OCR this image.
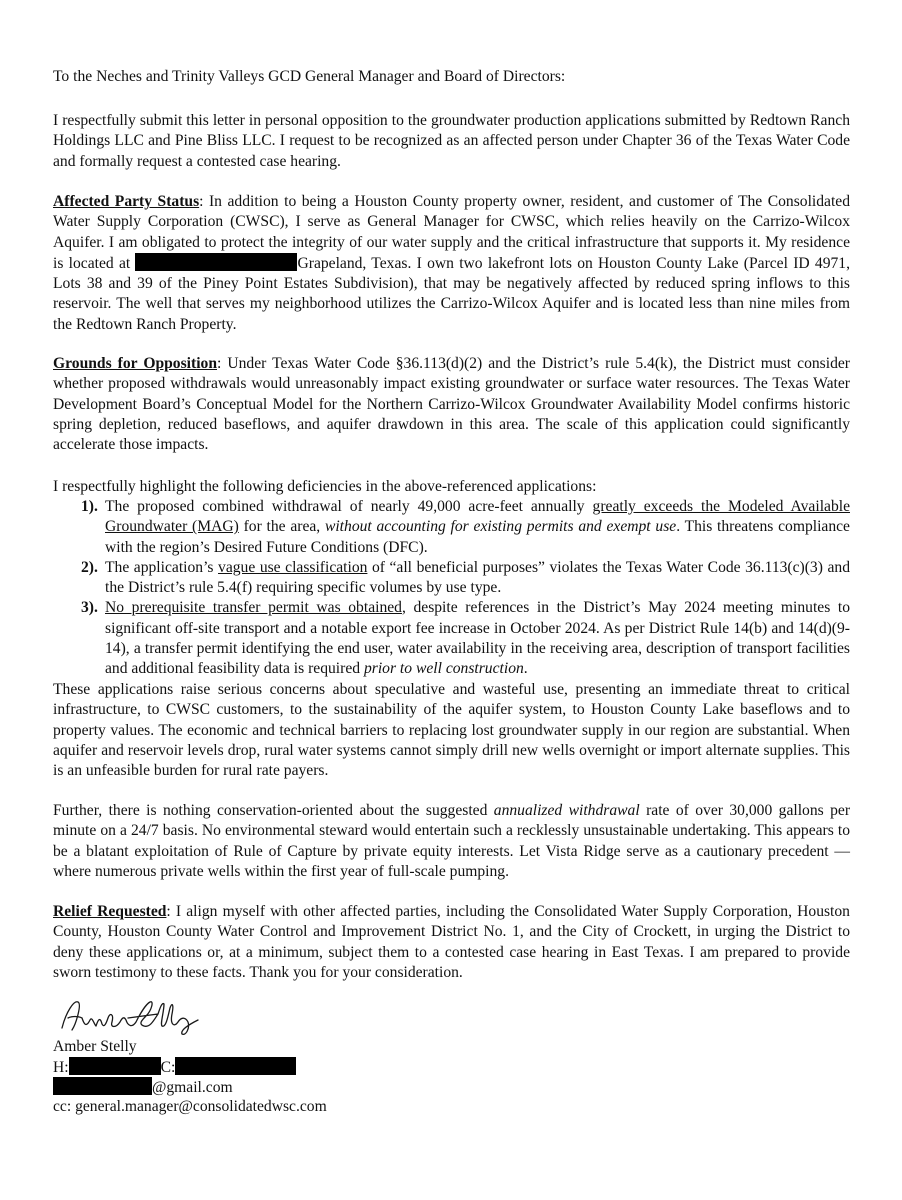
To the Neches and Trinity Valleys GCD General Manager and Board of Directors:

I respectfully submit this letter in personal opposition to the groundwater production applications submitted by Redtown Ranch Holdings LLC and Pine Bliss LLC. I request to be recognized as an affected person under Chapter 36 of the Texas Water Code and formally request a contested case hearing.

Affected Party Status: In addition to being a Houston County property owner, resident, and customer of The Consolidated Water Supply Corporation (CWSC), I serve as General Manager for CWSC, which relies heavily on the Carrizo-Wilcox Aquifer. I am obligated to protect the integrity of our water supply and the critical infrastructure that supports it. My residence is located at	Grapeland, Texas. I own two lakefront lots on Houston County Lake (Parcel ID 4971, Lots 38 and 39 of the Piney Point Estates Subdivision), that may be negatively affected by reduced spring inflows to this reservoir. The well that serves my neighborhood utilizes the Carrizo-Wilcox Aquifer and is located less than nine miles from the Redtown Ranch Property.

Grounds for Opposition: Under Texas Water Code §36.113(d)(2) and the District’s rule 5.4(k), the District must consider whether proposed withdrawals would unreasonably impact existing groundwater or surface water resources. The Texas Water Development Board’s Conceptual Model for the Northern Carrizo-Wilcox Groundwater Availability Model confirms historic spring depletion, reduced baseflows, and aquifer drawdown in this area. The scale of this application could significantly accelerate those impacts.

I respectfully highlight the following deficiencies in the above-referenced applications:

1). The proposed combined withdrawal of nearly 49,000 acre-feet annually greatly exceeds the Modeled Available Groundwater (MAG) for the area, without accounting for existing permits and exempt use. This threatens compliance with the region’s Desired Future Conditions (DFC).
2). The application’s vague use classification of “all beneficial purposes” violates the Texas Water Code 36.113(c)(3) and the District’s rule 5.4(f) requiring specific volumes by use type.
3). No prerequisite transfer permit was obtained, despite references in the District’s May 2024 meeting minutes to significant off-site transport and a notable export fee increase in October 2024. As per District Rule 14(b) and 14(d)(9-14), a transfer permit identifying the end user, water availability in the receiving area, description of transport facilities and additional feasibility data is required prior to well construction.

These applications raise serious concerns about speculative and wasteful use, presenting an immediate threat to critical infrastructure, to CWSC customers, to the sustainability of the aquifer system, to Houston County Lake baseflows and to property values. The economic and technical barriers to replacing lost groundwater supply in our region are substantial. When aquifer and reservoir levels drop, rural water systems cannot simply drill new wells overnight or import alternate supplies. This is an unfeasible burden for rural rate payers.

Further, there is nothing conservation-oriented about the suggested annualized withdrawal rate of over 30,000 gallons per minute on a 24/7 basis. No environmental steward would entertain such a recklessly unsustainable undertaking. This appears to be a blatant exploitation of Rule of Capture by private equity interests. Let Vista Ridge serve as a cautionary precedent — where numerous private wells within the first year of full-scale pumping.

Relief Requested: I align myself with other affected parties, including the Consolidated Water Supply Corporation, Houston County, Houston County Water Control and Improvement District No. 1, and the City of Crockett, in urging the District to deny these applications or, at a minimum, subject them to a contested case hearing in East Texas. I am prepared to provide sworn testimony to these facts. Thank you for your consideration.

Amber Stelly
H:	C:
@gmail.com
cc: general.manager@consolidatedwsc.com
